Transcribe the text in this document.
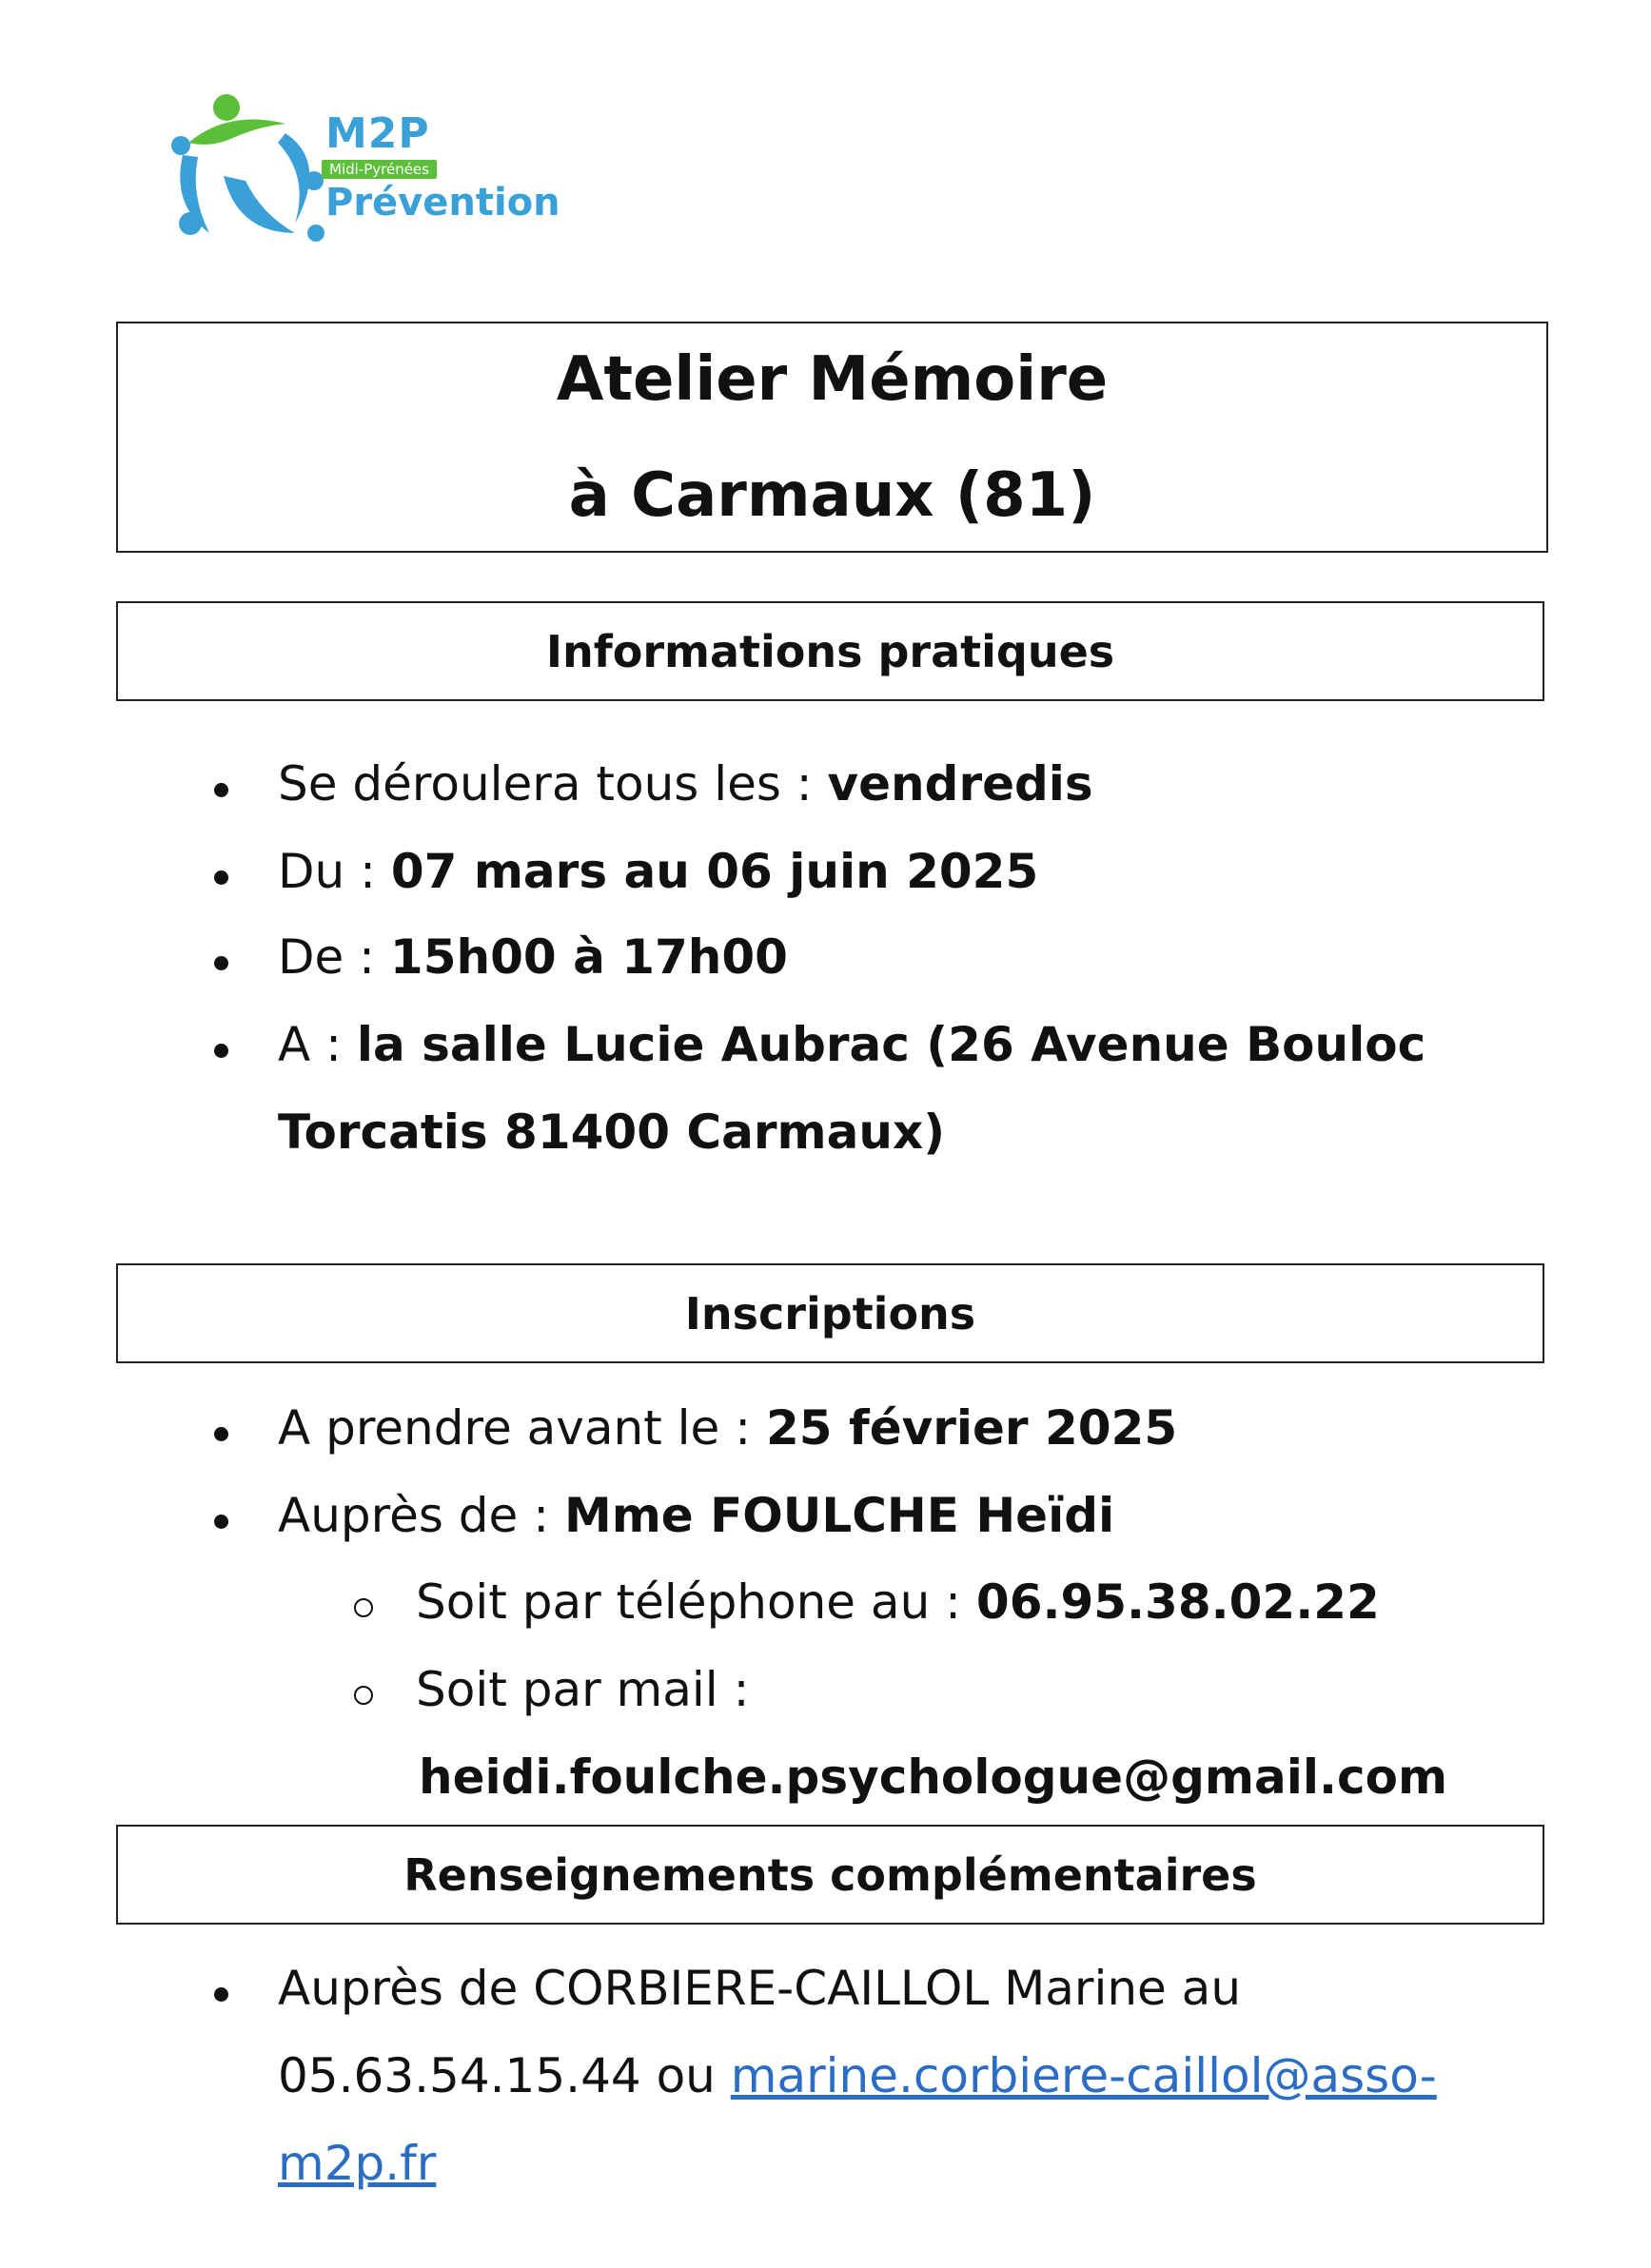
M2P
Midi-Pyrénées
Prévention
Atelier Mémoire
à Carmaux (81)
Informations pratiques
Se déroulera tous les : vendredis
Du : 07 mars au 06 juin 2025
De : 15h00 à 17h00
A : la salle Lucie Aubrac (26 Avenue Bouloc
Torcatis 81400 Carmaux)
Inscriptions
A prendre avant le : 25 février 2025
Auprès de : Mme FOULCHE Heïdi
Soit par téléphone au : 06.95.38.02.22
Soit par mail :
heidi.foulche.psychologue@gmail.com
Renseignements complémentaires
Auprès de CORBIERE-CAILLOL Marine au
05.63.54.15.44 ou marine.corbiere-caillol@asso-
m2p.fr
